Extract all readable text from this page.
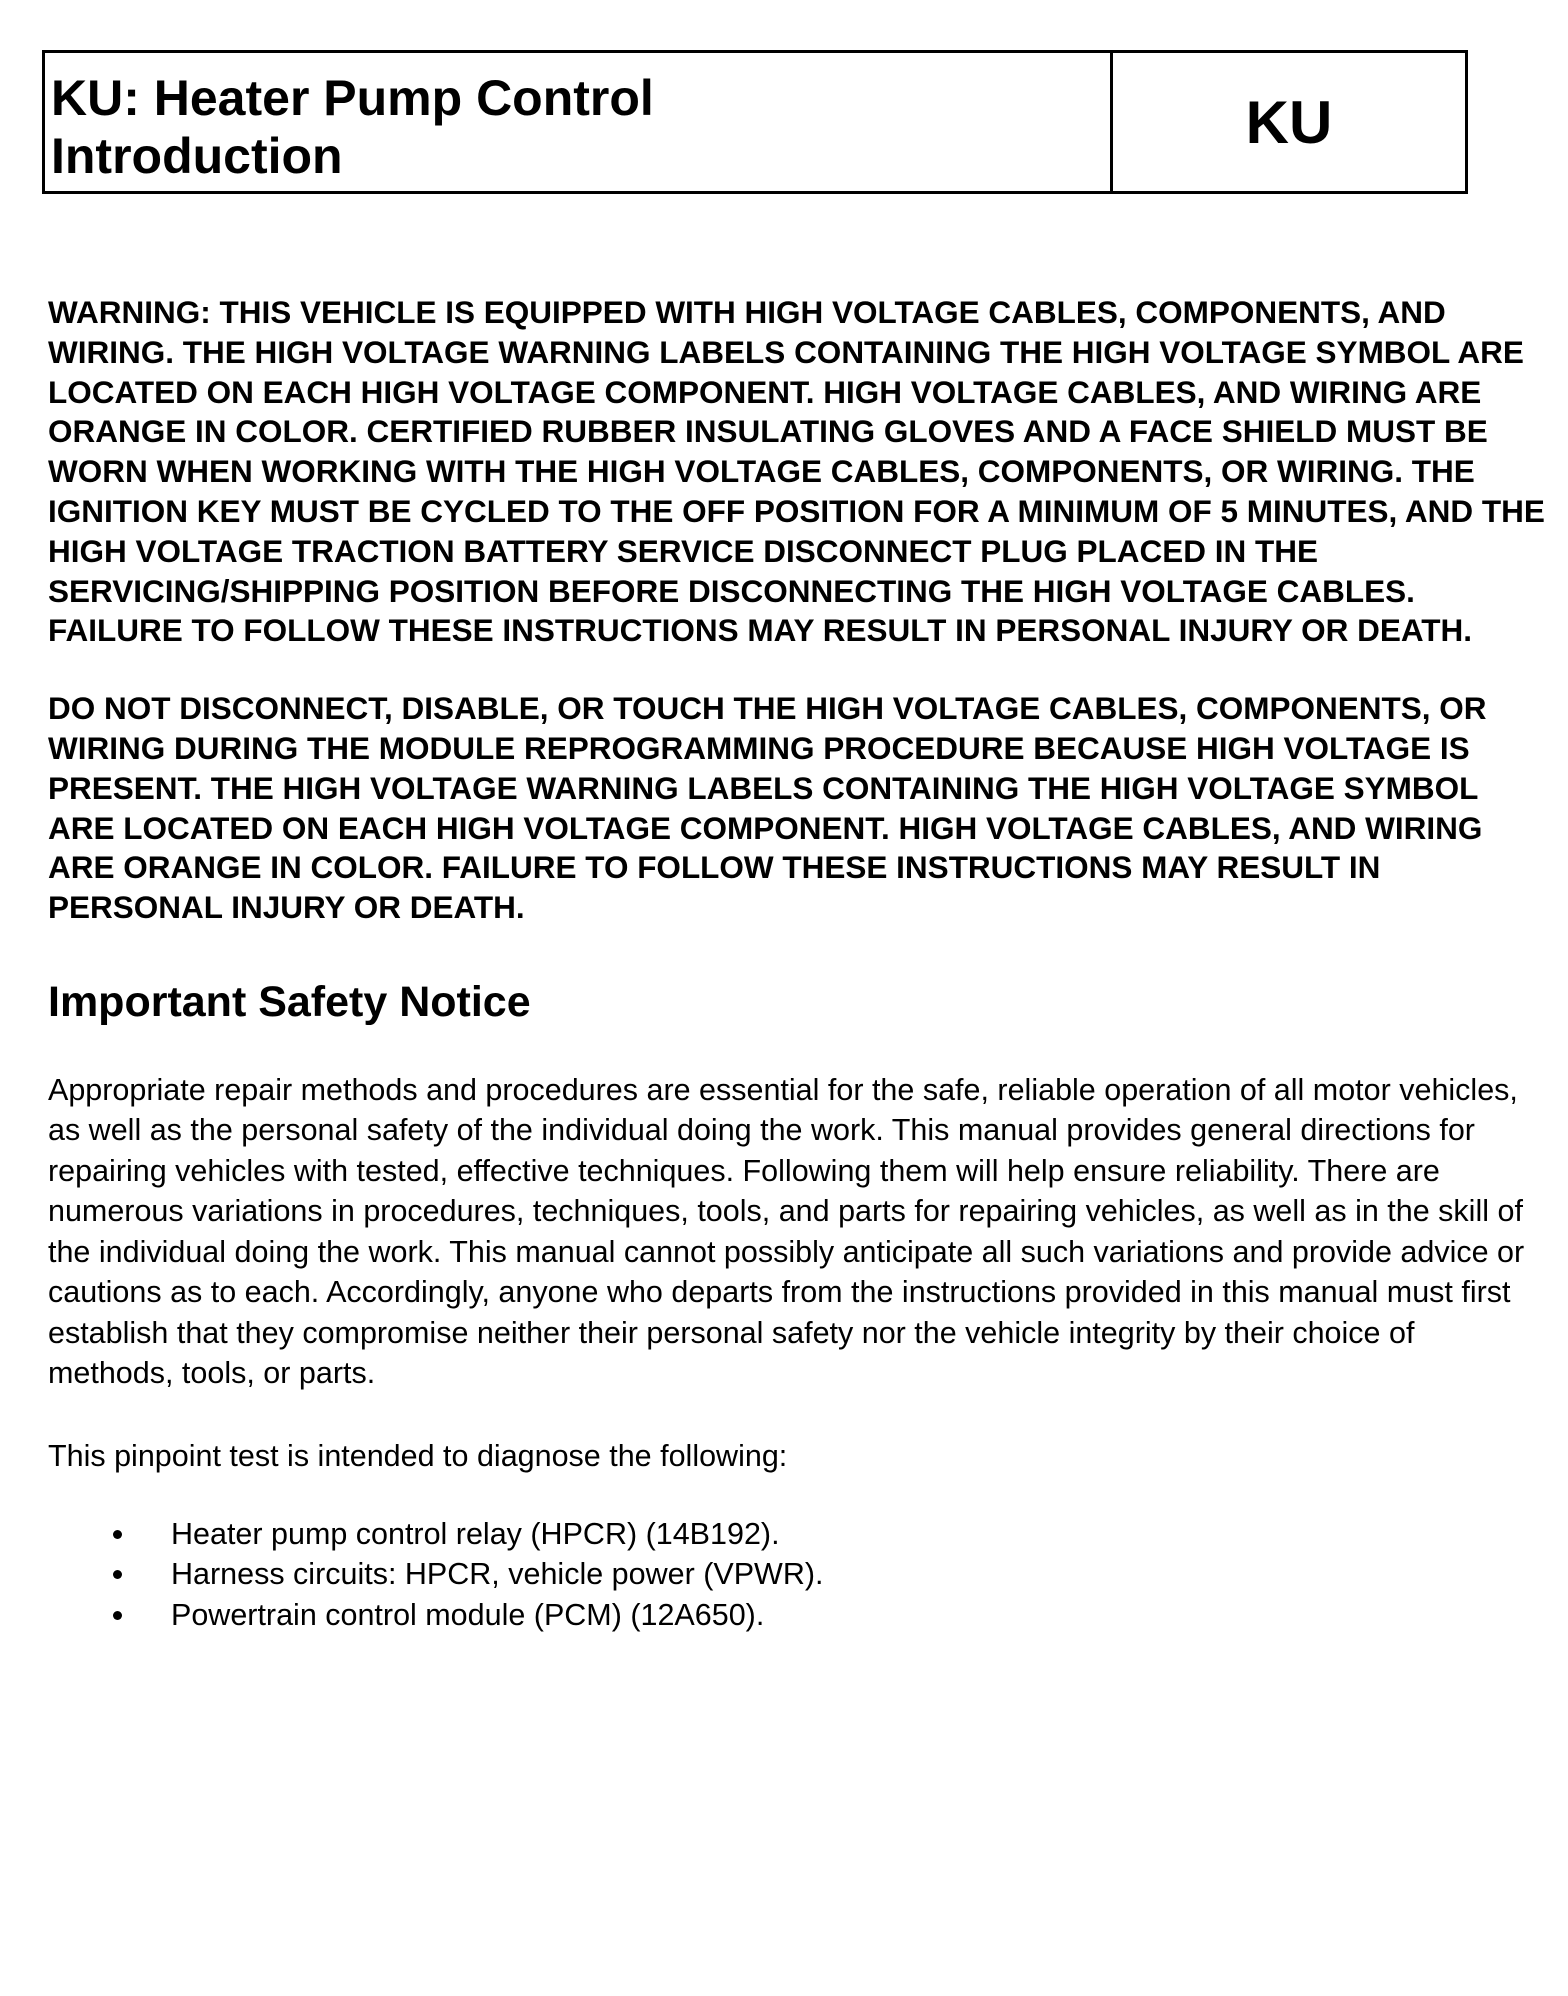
KU: Heater Pump Control
Introduction
KU

WARNING: THIS VEHICLE IS EQUIPPED WITH HIGH VOLTAGE CABLES, COMPONENTS, AND WIRING. THE HIGH VOLTAGE WARNING LABELS CONTAINING THE HIGH VOLTAGE SYMBOL ARE LOCATED ON EACH HIGH VOLTAGE COMPONENT. HIGH VOLTAGE CABLES, AND WIRING ARE ORANGE IN COLOR. CERTIFIED RUBBER INSULATING GLOVES AND A FACE SHIELD MUST BE WORN WHEN WORKING WITH THE HIGH VOLTAGE CABLES, COMPONENTS, OR WIRING. THE IGNITION KEY MUST BE CYCLED TO THE OFF POSITION FOR A MINIMUM OF 5 MINUTES, AND THE HIGH VOLTAGE TRACTION BATTERY SERVICE DISCONNECT PLUG PLACED IN THE SERVICING/SHIPPING POSITION BEFORE DISCONNECTING THE HIGH VOLTAGE CABLES. FAILURE TO FOLLOW THESE INSTRUCTIONS MAY RESULT IN PERSONAL INJURY OR DEATH.

DO NOT DISCONNECT, DISABLE, OR TOUCH THE HIGH VOLTAGE CABLES, COMPONENTS, OR WIRING DURING THE MODULE REPROGRAMMING PROCEDURE BECAUSE HIGH VOLTAGE IS PRESENT. THE HIGH VOLTAGE WARNING LABELS CONTAINING THE HIGH VOLTAGE SYMBOL ARE LOCATED ON EACH HIGH VOLTAGE COMPONENT. HIGH VOLTAGE CABLES, AND WIRING ARE ORANGE IN COLOR. FAILURE TO FOLLOW THESE INSTRUCTIONS MAY RESULT IN PERSONAL INJURY OR DEATH.

Important Safety Notice

Appropriate repair methods and procedures are essential for the safe, reliable operation of all motor vehicles, as well as the personal safety of the individual doing the work. This manual provides general directions for repairing vehicles with tested, effective techniques. Following them will help ensure reliability. There are numerous variations in procedures, techniques, tools, and parts for repairing vehicles, as well as in the skill of the individual doing the work. This manual cannot possibly anticipate all such variations and provide advice or cautions as to each. Accordingly, anyone who departs from the instructions provided in this manual must first establish that they compromise neither their personal safety nor the vehicle integrity by their choice of methods, tools, or parts.

This pinpoint test is intended to diagnose the following:

Heater pump control relay (HPCR) (14B192).
Harness circuits: HPCR, vehicle power (VPWR).
Powertrain control module (PCM) (12A650).
